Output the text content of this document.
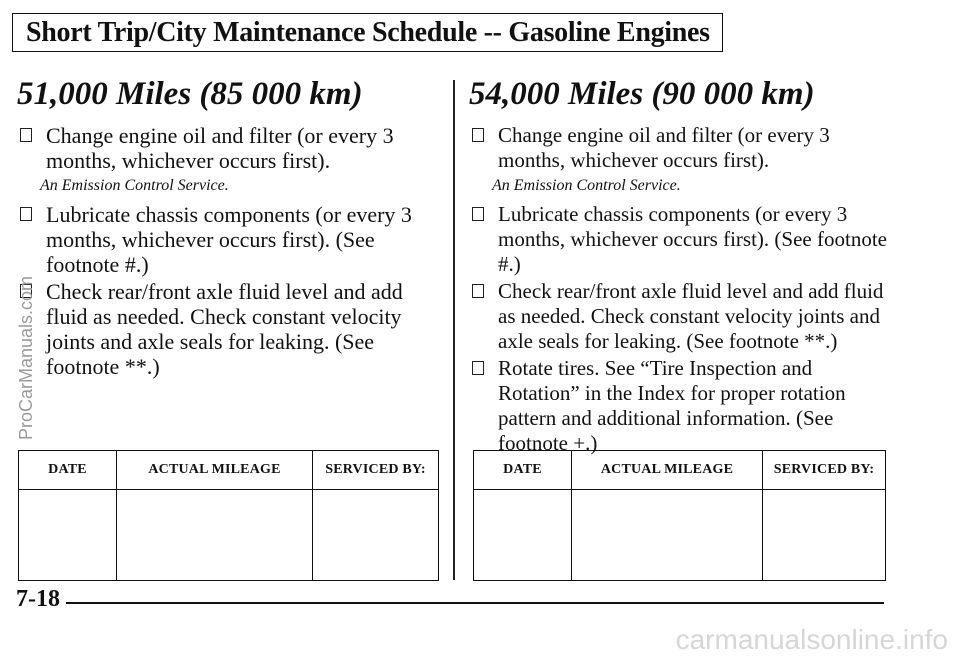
Short Trip/City Maintenance Schedule -- Gasoline Engines
51,000 Miles (85 000 km)
Change engine oil and filter (or every 3 months, whichever occurs first).
An Emission Control Service.
Lubricate chassis components (or every 3 months, whichever occurs first). (See footnote #.)
Check rear/front axle fluid level and add fluid as needed. Check constant velocity joints and axle seals for leaking. (See footnote **.)
54,000 Miles (90 000 km)
Change engine oil and filter (or every 3 months, whichever occurs first).
An Emission Control Service.
Lubricate chassis components (or every 3 months, whichever occurs first). (See footnote #.)
Check rear/front axle fluid level and add fluid as needed. Check constant velocity joints and axle seals for leaking. (See footnote **.)
Rotate tires. See “Tire Inspection and Rotation” in the Index for proper rotation pattern and additional information. (See footnote +.)
DATE	ACTUAL MILEAGE	SERVICED BY:
			DATE	ACTUAL MILEAGE	SERVICED BY:

7-18
ProCarManuals.com
carmanualsonline.info
